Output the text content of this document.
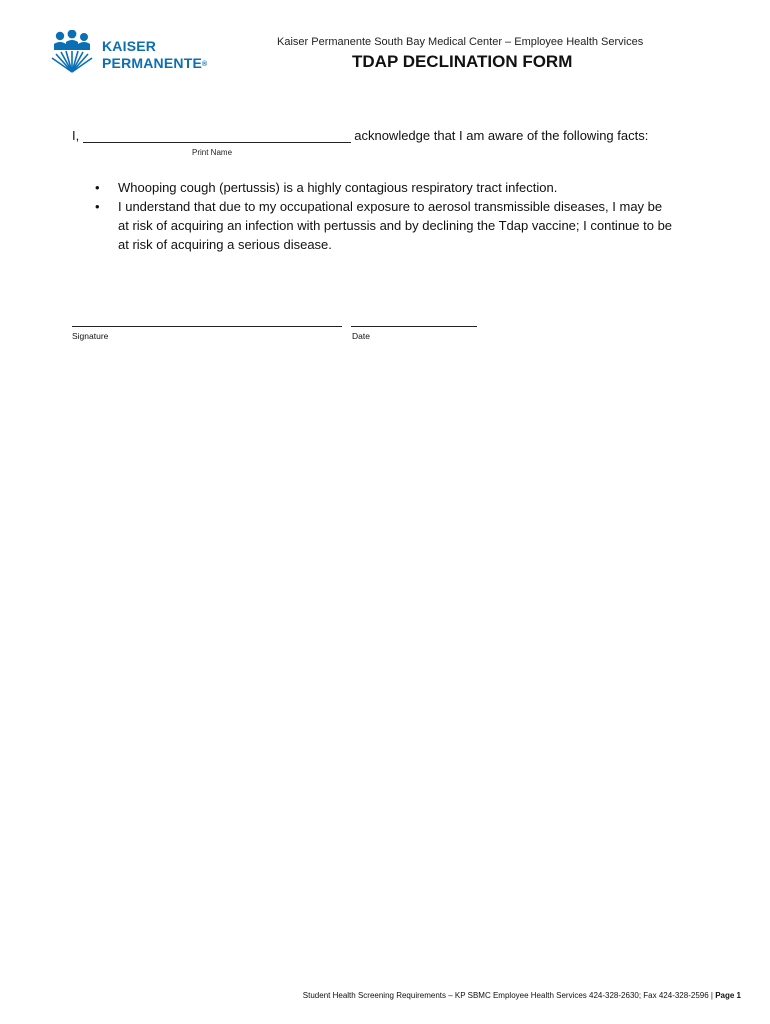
KAISER
PERMANENTE®
Kaiser Permanente South Bay Medical Center – Employee Health Services
TDAP DECLINATION FORM
I,	acknowledge that I am aware of the following facts:
Print Name
• Whooping cough (pertussis) is a highly contagious respiratory tract infection.
• I understand that due to my occupational exposure to aerosol transmissible diseases, I may be at risk of acquiring an infection with pertussis and by declining the Tdap vaccine; I continue to be at risk of acquiring a serious disease.
Signature	Date
Student Health Screening Requirements – KP SBMC Employee Health Services 424-328-2630; Fax 424-328-2596 | Page 1
